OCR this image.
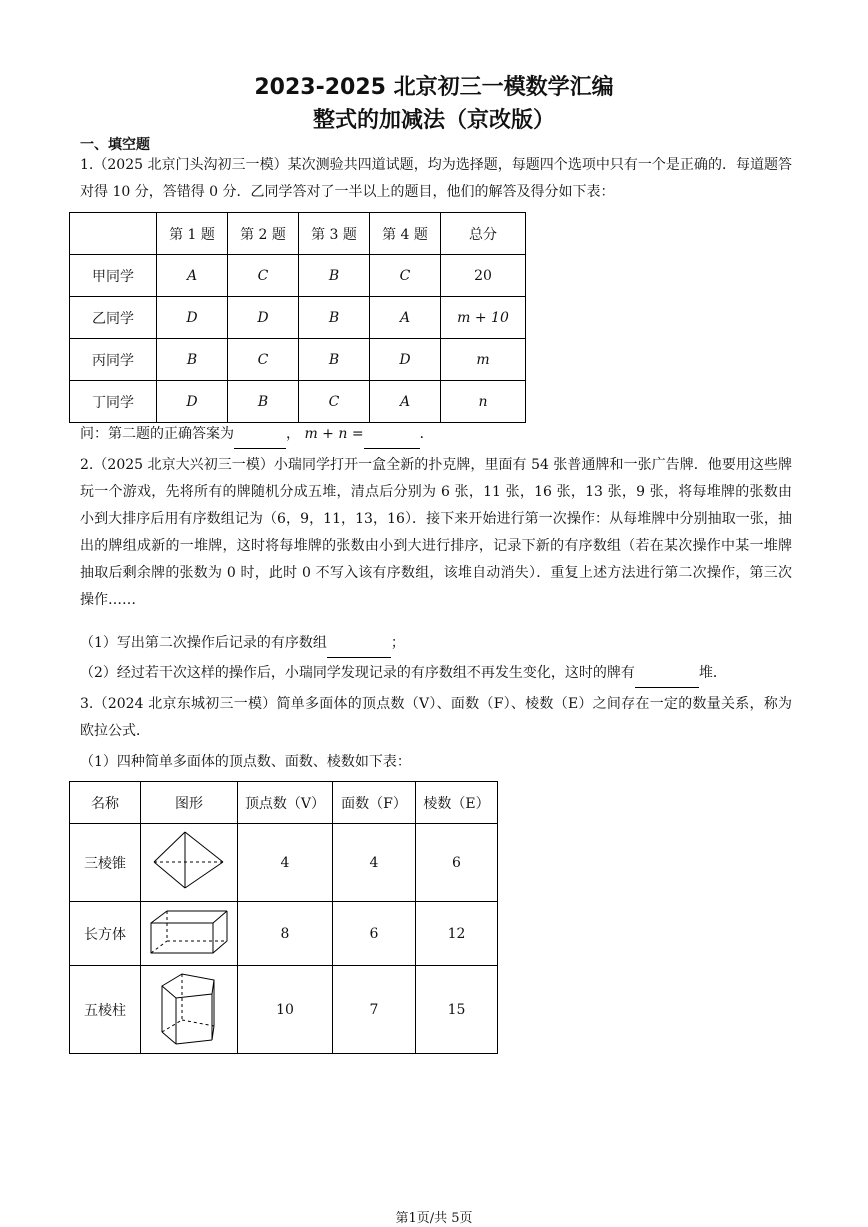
2023-2025 北京初三一模数学汇编
整式的加减法（京改版）
一、填空题
1.（2025 北京门头沟初三一模）某次测验共四道试题，均为选择题，每题四个选项中只有一个是正确的．每道题答对得 10 分，答错得 0 分．乙同学答对了一半以上的题目，他们的解答及得分如下表：
	第 1 题	第 2 题	第 3 题	第 4 题	总分
甲同学	A	C	B	C	20
乙同学	D	D	B	A	m + 10
丙同学	B	C	B	D	m
丁同学	D	B	C	A	n
问：第二题的正确答案为	， m + n =	．
2.（2025 北京大兴初三一模）小瑞同学打开一盒全新的扑克牌，里面有 54 张普通牌和一张广告牌．他要用这些牌玩一个游戏，先将所有的牌随机分成五堆，清点后分别为 6 张，11 张，16 张，13 张，9 张，将每堆牌的张数由小到大排序后用有序数组记为（6，9，11，13，16）．接下来开始进行第一次操作：从每堆牌中分别抽取一张，抽出的牌组成新的一堆牌，这时将每堆牌的张数由小到大进行排序，记录下新的有序数组（若在某次操作中某一堆牌抽取后剩余牌的张数为 0 时，此时 0 不写入该有序数组，该堆自动消失）．重复上述方法进行第二次操作，第三次操作……
（1）写出第二次操作后记录的有序数组	；
（2）经过若干次这样的操作后，小瑞同学发现记录的有序数组不再发生变化，这时的牌有	堆．
3.（2024 北京东城初三一模）简单多面体的顶点数（V）、面数（F）、棱数（E）之间存在一定的数量关系，称为欧拉公式．
（1）四种简单多面体的顶点数、面数、棱数如下表：
名称	图形	顶点数（V）	面数（F）	棱数（E）
三棱锥		4	4	6
长方体		8	6	12
五棱柱		10	7	15
第1页/共 5页
